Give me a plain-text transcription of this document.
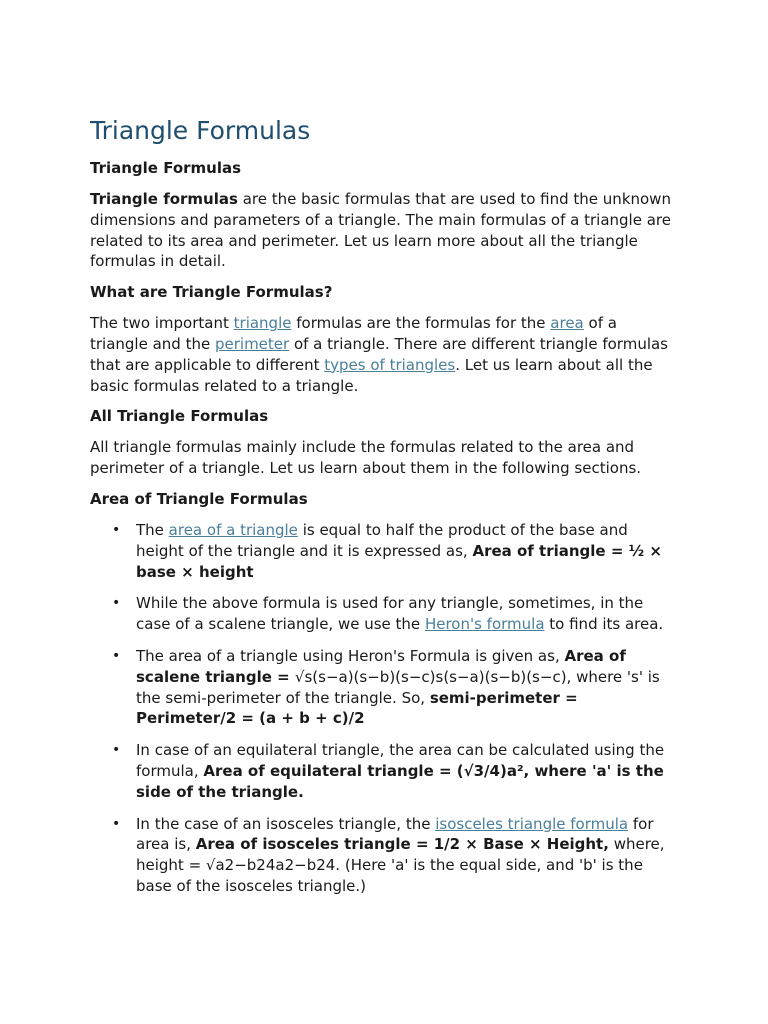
Triangle Formulas
Triangle Formulas

Triangle formulas are the basic formulas that are used to find the unknown dimensions and parameters of a triangle. The main formulas of a triangle are related to its area and perimeter. Let us learn more about all the triangle formulas in detail.

What are Triangle Formulas?

The two important triangle formulas are the formulas for the area of a triangle and the perimeter of a triangle. There are different triangle formulas that are applicable to different types of triangles. Let us learn about all the basic formulas related to a triangle.

All Triangle Formulas

All triangle formulas mainly include the formulas related to the area and perimeter of a triangle. Let us learn about them in the following sections.

Area of Triangle Formulas
• The area of a triangle is equal to half the product of the base and height of the triangle and it is expressed as, Area of triangle = ½ × base × height
• While the above formula is used for any triangle, sometimes, in the case of a scalene triangle, we use the Heron's formula to find its area.
• The area of a triangle using Heron's Formula is given as, Area of scalene triangle = √s(s−a)(s−b)(s−c)s(s−a)(s−b)(s−c), where 's' is the semi-perimeter of the triangle. So, semi-perimeter = Perimeter/2 = (a + b + c)/2
• In case of an equilateral triangle, the area can be calculated using the formula, Area of equilateral triangle = (√3/4)a², where 'a' is the side of the triangle.
• In the case of an isosceles triangle, the isosceles triangle formula for area is, Area of isosceles triangle = 1/2 × Base × Height, where, height = √a2−b24a2−b24. (Here 'a' is the equal side, and 'b' is the base of the isosceles triangle.)
